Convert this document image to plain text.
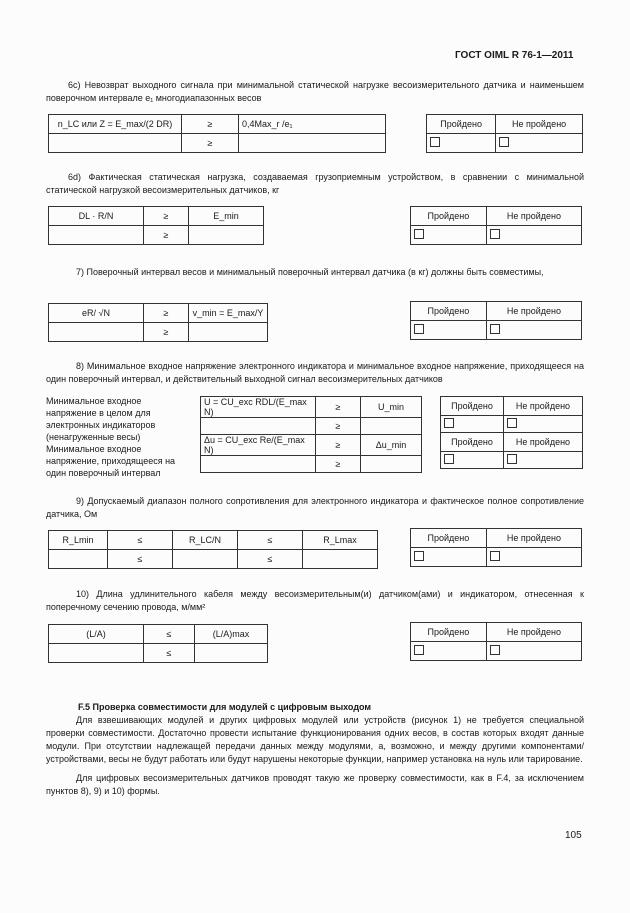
ГОСТ OIML R 76-1—2011
6c) Невозврат выходного сигнала при минимальной статической нагрузке весоизмерительного датчика и наименьшем поверочном интервале e₁ многодиапазонных весов
n_LC или Z = E_max/(2 DR)	≥	0,4Max_r /e₁
	≥	
Пройдено	Не пройдено

6d) Фактическая статическая нагрузка, создаваемая грузоприемным устройством, в сравнении с минимальной статической нагрузкой весоизмерительных датчиков, кг
DL · R/N	≥	E_min
	≥	
Пройдено	Не пройдено

7) Поверочный интервал весов и минимальный поверочный интервал датчика (в кг) должны быть совместимы,
eR/ √N	≥	v_min = E_max/Y
	≥	
Пройдено	Не пройдено

8) Минимальное входное напряжение электронного индикатора и минимальное входное напряжение, приходящееся на один поверочный интервал, и действительный выходной сигнал весоизмерительных датчиков
Минимальное входное напряжение в целом для электронных индикаторов (ненагруженные весы)
Минимальное входное напряжение, приходящееся на один поверочный интервал
U = CU_exc RDL/(E_max N)	≥	U_min
	≥	
Δu = CU_exc Re/(E_max N)	≥	Δu_min
	≥	
Пройдено	Не пройдено

Пройдено	Не пройдено

9) Допускаемый диапазон полного сопротивления для электронного индикатора и фактическое полное сопротивление датчика, Ом
R_Lmin	≤	R_LC/N	≤	R_Lmax
	≤		≤	
Пройдено	Не пройдено

10) Длина удлинительного кабеля между весоизмерительным(и) датчиком(ами) и индикатором, отнесенная к поперечному сечению провода, м/мм²
(L/A)	≤	(L/A)max
	≤	
Пройдено	Не пройдено

F.5 Проверка совместимости для модулей с цифровым выходом
Для взвешивающих модулей и других цифровых модулей или устройств (рисунок 1) не требуется специальной проверки совместимости. Достаточно провести испытание функционирования одних весов, в состав которых входят данные модули. При отсутствии надлежащей передачи данных между модулями, а, возможно, и между другими компонентами/ устройствами, весы не будут работать или будут нарушены некоторые функции, например установка на нуль или тарирование.
Для цифровых весоизмерительных датчиков проводят такую же проверку совместимости, как в F.4, за исключением пунктов 8), 9) и 10) формы.
105
